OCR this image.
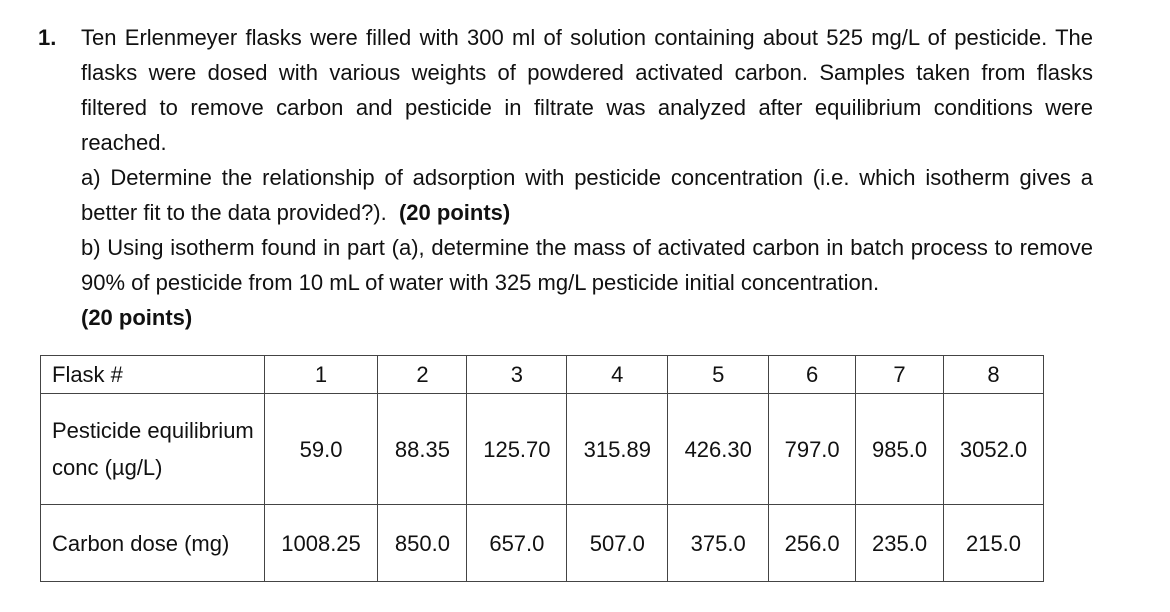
1. Ten Erlenmeyer flasks were filled with 300 ml of solution containing about 525 mg/L of pesticide. The flasks were dosed with various weights of powdered activated carbon. Samples taken from flasks filtered to remove carbon and pesticide in filtrate was analyzed after equilibrium conditions were reached.

a) Determine the relationship of adsorption with pesticide concentration (i.e. which isotherm gives a better fit to the data provided?). (20 points)

b) Using isotherm found in part (a), determine the mass of activated carbon in batch process to remove 90% of pesticide from 10 mL of water with 325 mg/L pesticide initial concentration.
(20 points)

Flask #	1	2	3	4	5	6	7	8
Pesticide equilibrium conc (µg/L)	59.0	88.35	125.70	315.89	426.30	797.0	985.0	3052.0
Carbon dose (mg)	1008.25	850.0	657.0	507.0	375.0	256.0	235.0	215.0
